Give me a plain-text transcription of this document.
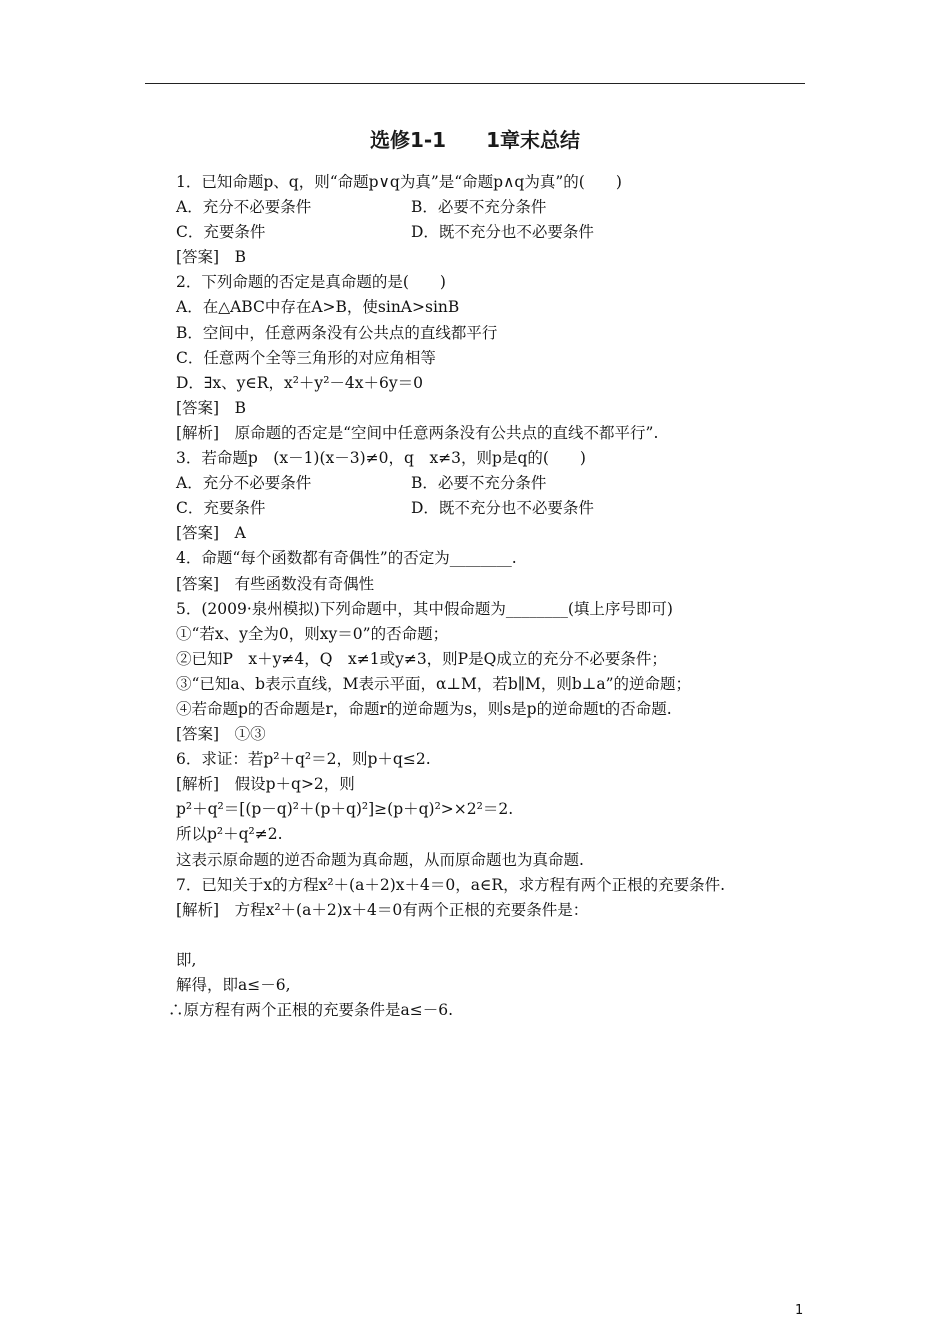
选修1-1　　1章末总结
1．已知命题p、q，则“命题p∨q为真”是“命题p∧q为真”的(　　)
A．充分不必要条件	B．必要不充分条件
C．充要条件	D．既不充分也不必要条件
[答案]　B
2．下列命题的否定是真命题的是(　　)
A．在△ABC中存在A>B，使sinA>sinB
B．空间中，任意两条没有公共点的直线都平行
C．任意两个全等三角形的对应角相等
D．∃x、y∈R，x²＋y²－4x＋6y＝0
[答案]　B
[解析]　原命题的否定是“空间中任意两条没有公共点的直线不都平行”.
3．若命题p　(x－1)(x－3)≠0，q　x≠3，则p是q的(　　)
A．充分不必要条件	B．必要不充分条件
C．充要条件	D．既不充分也不必要条件
[答案]　A
4．命题“每个函数都有奇偶性”的否定为________.
[答案]　有些函数没有奇偶性
5．(2009·泉州模拟)下列命题中，其中假命题为________(填上序号即可)
①“若x、y全为0，则xy＝0”的否命题；
②已知P　x＋y≠4，Q　x≠1或y≠3，则P是Q成立的充分不必要条件；
③“已知a、b表示直线，M表示平面，α⊥M，若b∥M，则b⊥a”的逆命题；
④若命题p的否命题是r，命题r的逆命题为s，则s是p的逆命题t的否命题.
[答案]　①③
6．求证：若p²＋q²＝2，则p＋q≤2.
[解析]　假设p＋q>2，则
p²＋q²＝[(p－q)²＋(p＋q)²]≥(p＋q)²>×2²＝2.
所以p²＋q²≠2.
这表示原命题的逆否命题为真命题，从而原命题也为真命题.
7．已知关于x的方程x²＋(a＋2)x＋4＝0，a∈R，求方程有两个正根的充要条件.
[解析]　方程x²＋(a＋2)x＋4＝0有两个正根的充要条件是：
即,
解得，即a≤－6,
∴原方程有两个正根的充要条件是a≤－6.
1
